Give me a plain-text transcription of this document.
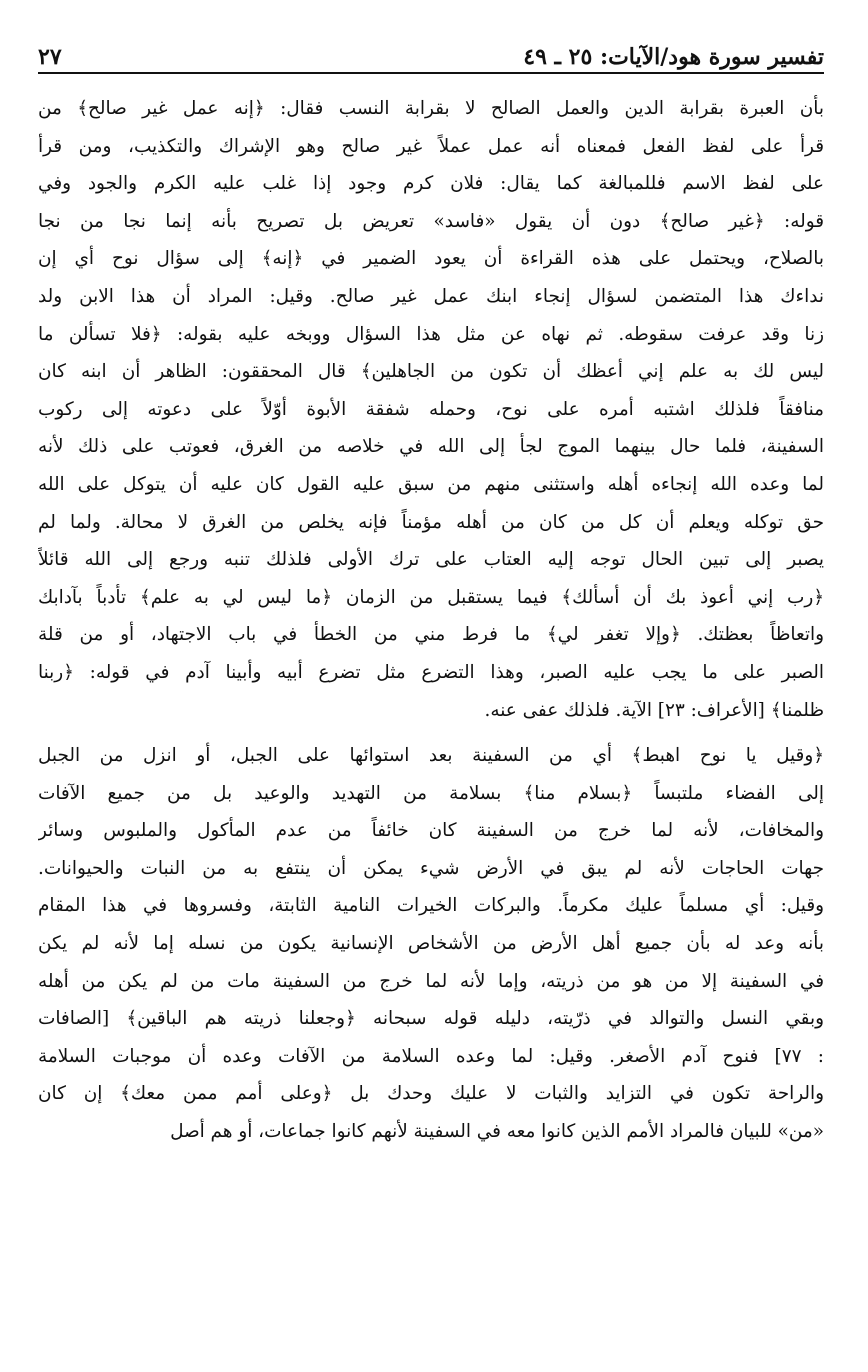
تفسير سورة هود/الآيات: ٢٥ ـ ٤٩
٢٧
بأن العبرة بقرابة الدين والعمل الصالح لا بقرابة النسب فقال: ﴿إنه عمل غير صالح﴾ من
قرأ على لفظ الفعل فمعناه أنه عمل عملاً غير صالح وهو الإشراك والتكذيب، ومن قرأ
على لفظ الاسم فللمبالغة كما يقال: فلان كرم وجود إذا غلب عليه الكرم والجود وفي
قوله: ﴿غير صالح﴾ دون أن يقول «فاسد» تعريض بل تصريح بأنه إنما نجا من نجا
بالصلاح، ويحتمل على هذه القراءة أن يعود الضمير في ﴿إنه﴾ إلى سؤال نوح أي إن
نداءك هذا المتضمن لسؤال إنجاء ابنك عمل غير صالح. وقيل: المراد أن هذا الابن ولد
زنا وقد عرفت سقوطه. ثم نهاه عن مثل هذا السؤال ووبخه عليه بقوله: ﴿فلا تسألن ما
ليس لك به علم إني أعظك أن تكون من الجاهلين﴾ قال المحققون: الظاهر أن ابنه كان
منافقاً فلذلك اشتبه أمره على نوح، وحمله شفقة الأبوة أوّلاً على دعوته إلى ركوب
السفينة، فلما حال بينهما الموج لجأ إلى الله في خلاصه من الغرق، فعوتب على ذلك لأنه
لما وعده الله إنجاءه أهله واستثنى منهم من سبق عليه القول كان عليه أن يتوكل على الله
حق توكله ويعلم أن كل من كان من أهله مؤمناً فإنه يخلص من الغرق لا محالة. ولما لم
يصبر إلى تبين الحال توجه إليه العتاب على ترك الأولى فلذلك تنبه ورجع إلى الله قائلاً
﴿رب إني أعوذ بك أن أسألك﴾ فيما يستقبل من الزمان ﴿ما ليس لي به علم﴾ تأدباً بآدابك
واتعاظاً بعظتك. ﴿وإلا تغفر لي﴾ ما فرط مني من الخطأ في باب الاجتهاد، أو من قلة
الصبر على ما يجب عليه الصبر، وهذا التضرع مثل تضرع أبيه وأبينا آدم في قوله: ﴿ربنا
ظلمنا﴾ [الأعراف: ٢٣] الآية. فلذلك عفى عنه.
﴿وقيل يا نوح اهبط﴾ أي من السفينة بعد استوائها على الجبل، أو انزل من الجبل
إلى الفضاء ملتبساً ﴿بسلام منا﴾ بسلامة من التهديد والوعيد بل من جميع الآفات
والمخافات، لأنه لما خرج من السفينة كان خائفاً من عدم المأكول والملبوس وسائر
جهات الحاجات لأنه لم يبق في الأرض شيء يمكن أن ينتفع به من النبات والحيوانات.
وقيل: أي مسلماً عليك مكرماً. والبركات الخيرات النامية الثابتة، وفسروها في هذا المقام
بأنه وعد له بأن جميع أهل الأرض من الأشخاص الإنسانية يكون من نسله إما لأنه لم يكن
في السفينة إلا من هو من ذريته، وإما لأنه لما خرج من السفينة مات من لم يكن من أهله
وبقي النسل والتوالد في ذرّيته، دليله قوله سبحانه ﴿وجعلنا ذريته هم الباقين﴾ [الصافات
: ٧٧] فنوح آدم الأصغر. وقيل: لما وعده السلامة من الآفات وعده أن موجبات السلامة
والراحة تكون في التزايد والثبات لا عليك وحدك بل ﴿وعلى أمم ممن معك﴾ إن كان
«من» للبيان فالمراد الأمم الذين كانوا معه في السفينة لأنهم كانوا جماعات، أو هم أصل
